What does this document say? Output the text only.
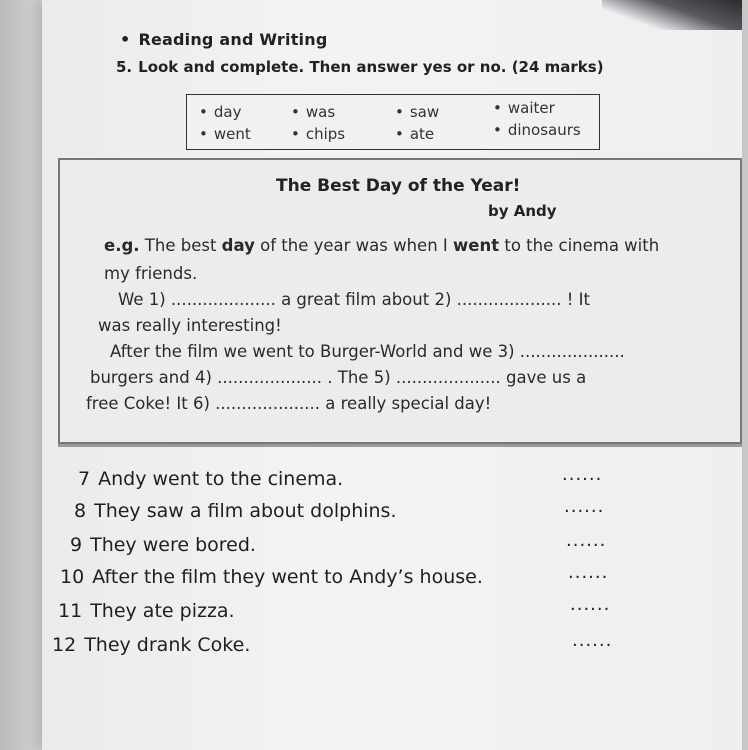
• Reading and Writing
5. Look and complete. Then answer yes or no. (24 marks)
• day
• went
• was
• chips
• saw
• ate
• waiter
• dinosaurs
The Best Day of the Year!
by Andy
e.g. The best day of the year was when I went to the cinema with
my friends.
We 1) .................... a great film about 2) .................... ! It
was really interesting!
After the film we went to Burger-World and we 3) ....................
burgers and 4) .................... . The 5) .................... gave us a
free Coke! It 6) .................... a really special day!
7 Andy went to the cinema.	......
8 They saw a film about dolphins.	......
9 They were bored.	......
10 After the film they went to Andy’s house.	......
11 They ate pizza.	......
12 They drank Coke.	......
